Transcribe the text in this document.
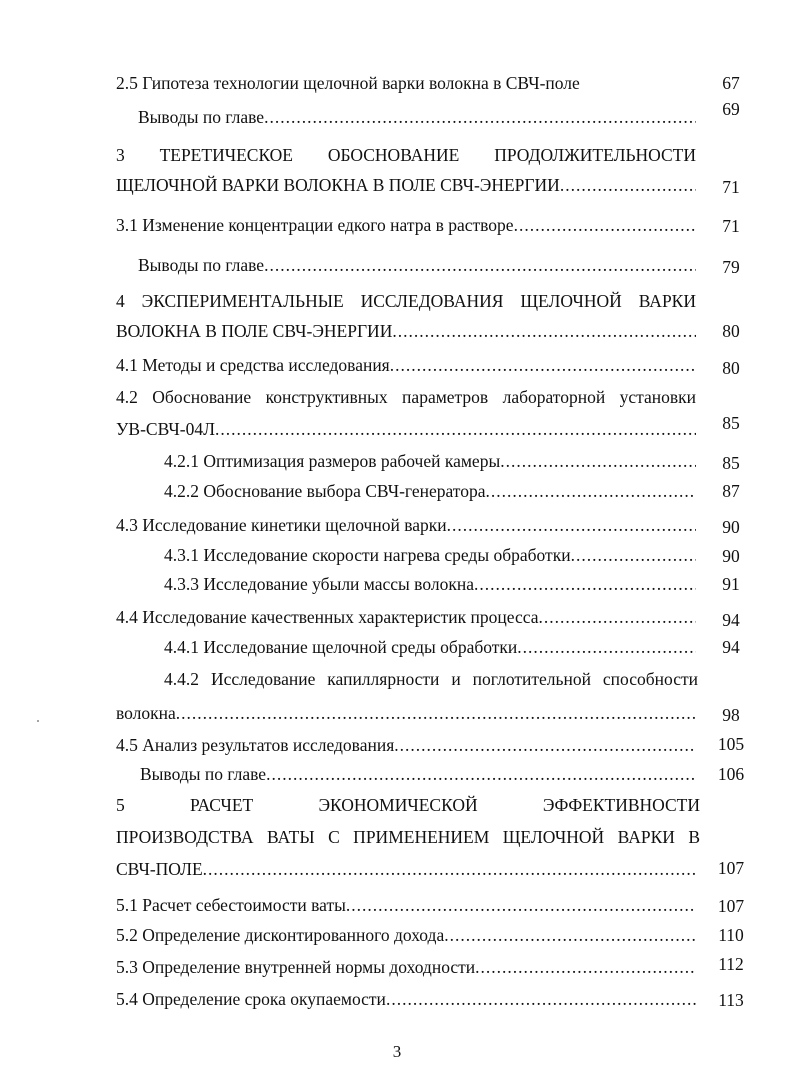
2.5 Гипотеза технологии щелочной варки волокна в СВЧ-поле	67
Выводы по главе .....	69
3 ТЕРЕТИЧЕСКОЕ ОБОСНОВАНИЕ ПРОДОЛЖИТЕЛЬНОСТИ
ЩЕЛОЧНОЙ ВАРКИ ВОЛОКНА В ПОЛЕ СВЧ-ЭНЕРГИИ .....	71
3.1 Изменение концентрации едкого натра в растворе .....	71
Выводы по главе .....	79
4 ЭКСПЕРИМЕНТАЛЬНЫЕ ИССЛЕДОВАНИЯ ЩЕЛОЧНОЙ ВАРКИ
ВОЛОКНА В ПОЛЕ СВЧ-ЭНЕРГИИ .....	80
4.1 Методы и средства исследования .....	80
4.2 Обоснование конструктивных параметров лабораторной установки
УВ-СВЧ-04Л .....	85
4.2.1 Оптимизация размеров рабочей камеры .....	85
4.2.2 Обоснование выбора СВЧ-генератора .....	87
4.3 Исследование кинетики щелочной варки .....	90
4.3.1 Исследование скорости нагрева среды обработки .....	90
4.3.3 Исследование убыли массы волокна .....	91
4.4 Исследование качественных характеристик процесса .....	94
4.4.1 Исследование щелочной среды обработки .....	94
4.4.2 Исследование капиллярности и поглотительной способности
волокна .....	98
4.5 Анализ результатов исследования .....	105
Выводы по главе .....	106
5 РАСЧЕТ ЭКОНОМИЧЕСКОЙ ЭФФЕКТИВНОСТИ
ПРОИЗВОДСТВА ВАТЫ С ПРИМЕНЕНИЕМ ЩЕЛОЧНОЙ ВАРКИ В
СВЧ-ПОЛЕ .....	107
5.1 Расчет себестоимости ваты .....	107
5.2 Определение дисконтированного дохода .....	110
5.3 Определение внутренней нормы доходности .....	112
5.4 Определение срока окупаемости .....	113
3
